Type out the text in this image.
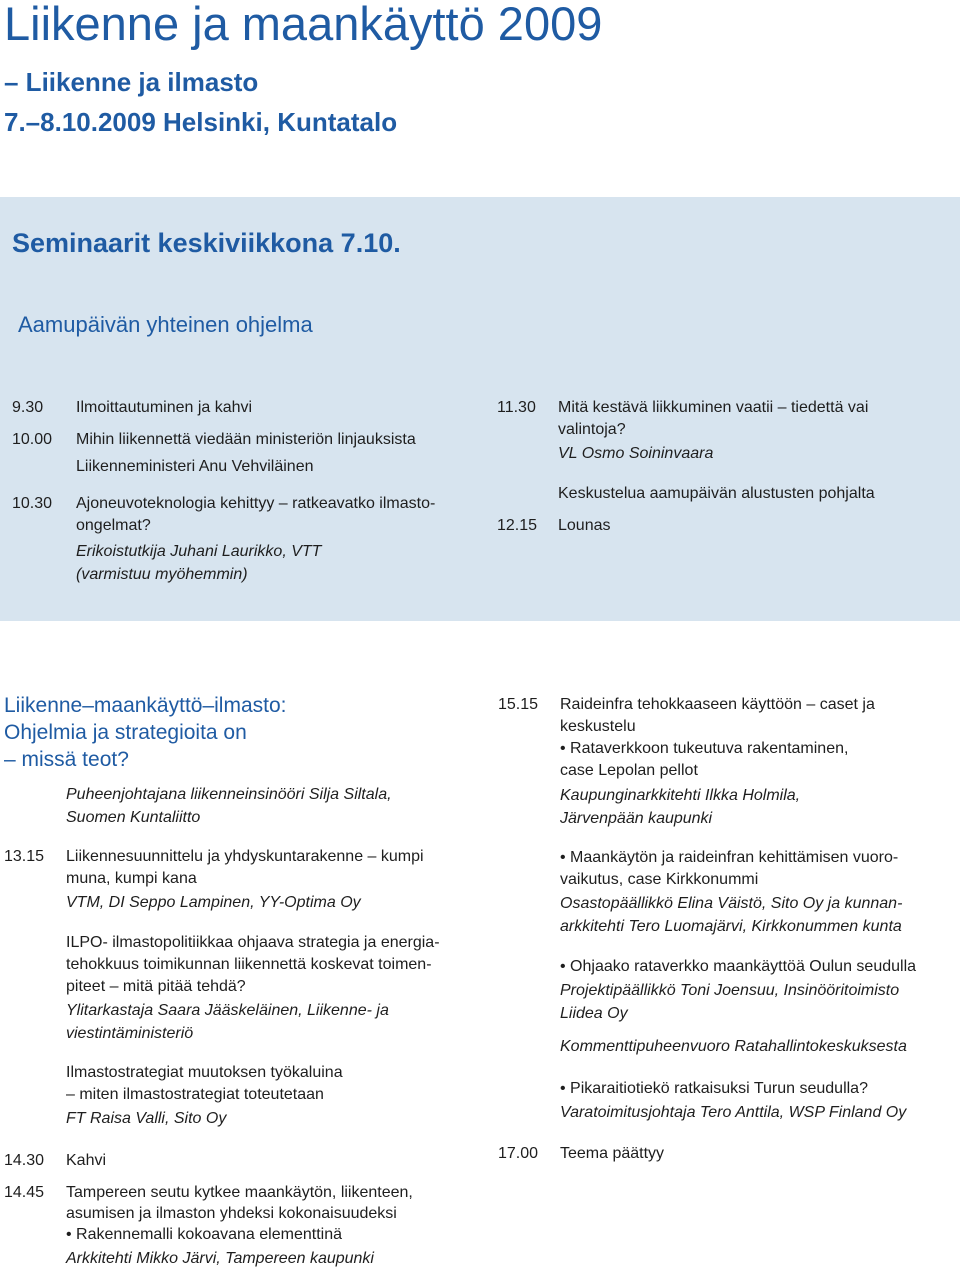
Liikenne ja maankäyttö 2009
– Liikenne ja ilmasto
7.–8.10.2009 Helsinki, Kuntatalo
Seminaarit keskiviikkona 7.10.
Aamupäivän yhteinen ohjelma
9.30 Ilmoittautuminen ja kahvi
10.00 Mihin liikennettä viedään ministeriön linjauksista
Liikenneministeri Anu Vehviläinen
10.30 Ajoneuvoteknologia kehittyy – ratkeavatko ilmasto-
ongelmat?
Erikoistutkija Juhani Laurikko, VTT
(varmistuu myöhemmin)
11.30 Mitä kestävä liikkuminen vaatii – tiedettä vai
valintoja?
VL Osmo Soininvaara
Keskustelua aamupäivän alustusten pohjalta
12.15 Lounas
Liikenne–maankäyttö–ilmasto:
Ohjelmia ja strategioita on
– missä teot?
Puheenjohtajana liikenneinsinööri Silja Siltala,
Suomen Kuntaliitto
13.15 Liikennesuunnittelu ja yhdyskuntarakenne – kumpi
muna, kumpi kana
VTM, DI Seppo Lampinen, YY-Optima Oy
ILPO- ilmastopolitiikkaa ohjaava strategia ja energia-
tehokkuus toimikunnan liikennettä koskevat toimen-
piteet – mitä pitää tehdä?
Ylitarkastaja Saara Jääskeläinen, Liikenne- ja
viestintäministeriö
Ilmastostrategiat muutoksen työkaluina
– miten ilmastostrategiat toteutetaan
FT Raisa Valli, Sito Oy
14.30 Kahvi
14.45 Tampereen seutu kytkee maankäytön, liikenteen,
asumisen ja ilmaston yhdeksi kokonaisuudeksi
• Rakennemalli kokoavana elementtinä
Arkkitehti Mikko Järvi, Tampereen kaupunki
15.15 Raideinfra tehokkaaseen käyttöön – caset ja
keskustelu
• Rataverkkoon tukeutuva rakentaminen,
case Lepolan pellot
Kaupunginarkkitehti Ilkka Holmila,
Järvenpään kaupunki
• Maankäytön ja raideinfran kehittämisen vuoro-
vaikutus, case Kirkkonummi
Osastopäällikkö Elina Väistö, Sito Oy ja kunnan-
arkkitehti Tero Luomajärvi, Kirkkonummen kunta
• Ohjaako rataverkko maankäyttöä Oulun seudulla
Projektipäällikkö Toni Joensuu, Insinööritoimisto
Liidea Oy
Kommenttipuheenvuoro Ratahallintokeskuksesta
• Pikaraitiotiekö ratkaisuksi Turun seudulla?
Varatoimitusjohtaja Tero Anttila, WSP Finland Oy
17.00 Teema päättyy
